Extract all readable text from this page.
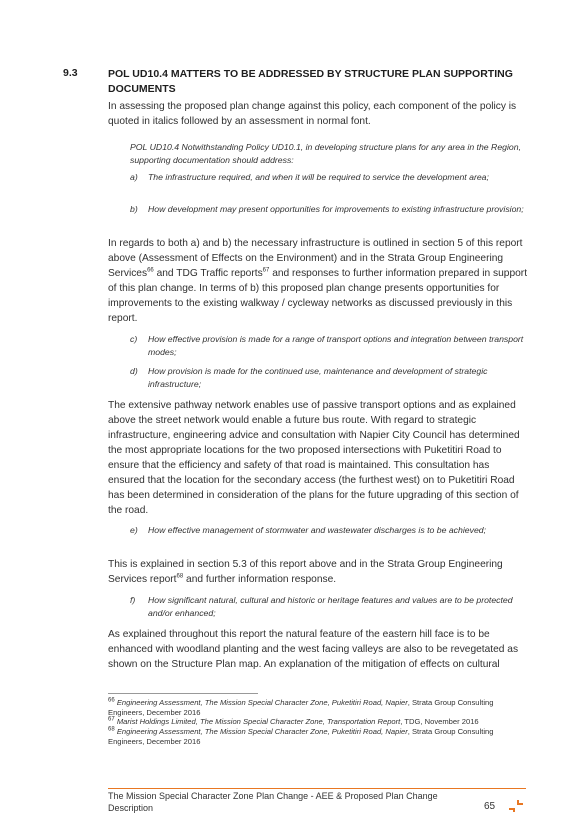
9.3	POL UD10.4 MATTERS TO BE ADDRESSED BY STRUCTURE PLAN SUPPORTING DOCUMENTS
In assessing the proposed plan change against this policy, each component of the policy is quoted in italics followed by an assessment in normal font.
POL UD10.4 Notwithstanding Policy UD10.1, in developing structure plans for any area in the Region, supporting documentation should address:
a) The infrastructure required, and when it will be required to service the development area;
b) How development may present opportunities for improvements to existing infrastructure provision;
In regards to both a) and b) the necessary infrastructure is outlined in section 5 of this report above (Assessment of Effects on the Environment) and in the Strata Group Engineering Services$^{66}$ and TDG Traffic reports$^{67}$ and responses to further information prepared in support of this plan change. In terms of b) this proposed plan change presents opportunities for improvements to the existing walkway / cycleway networks as discussed previously in this report.
c) How effective provision is made for a range of transport options and integration between transport modes;
d) How provision is made for the continued use, maintenance and development of strategic infrastructure;
The extensive pathway network enables use of passive transport options and as explained above the street network would enable a future bus route. With regard to strategic infrastructure, engineering advice and consultation with Napier City Council has determined the most appropriate locations for the two proposed intersections with Puketitiri Road to ensure that the efficiency and safety of that road is maintained. This consultation has ensured that the location for the secondary access (the furthest west) on to Puketitiri Road has been determined in consideration of the plans for the future upgrading of this section of the road.
e) How effective management of stormwater and wastewater discharges is to be achieved;
This is explained in section 5.3 of this report above and in the Strata Group Engineering Services report$^{68}$ and further information response.
f) How significant natural, cultural and historic or heritage features and values are to be protected and/or enhanced;
As explained throughout this report the natural feature of the eastern hill face is to be enhanced with woodland planting and the west facing valleys are also to be revegetated as shown on the Structure Plan map. An explanation of the mitigation of effects on cultural
$^{66}$ Engineering Assessment, The Mission Special Character Zone, Puketitiri Road, Napier, Strata Group Consulting Engineers, December 2016
$^{67}$ Marist Holdings Limited, The Mission Special Character Zone, Transportation Report, TDG, November 2016
$^{68}$ Engineering Assessment, The Mission Special Character Zone, Puketitiri Road, Napier, Strata Group Consulting Engineers, December 2016
The Mission Special Character Zone Plan Change - AEE & Proposed Plan Change Description	65
